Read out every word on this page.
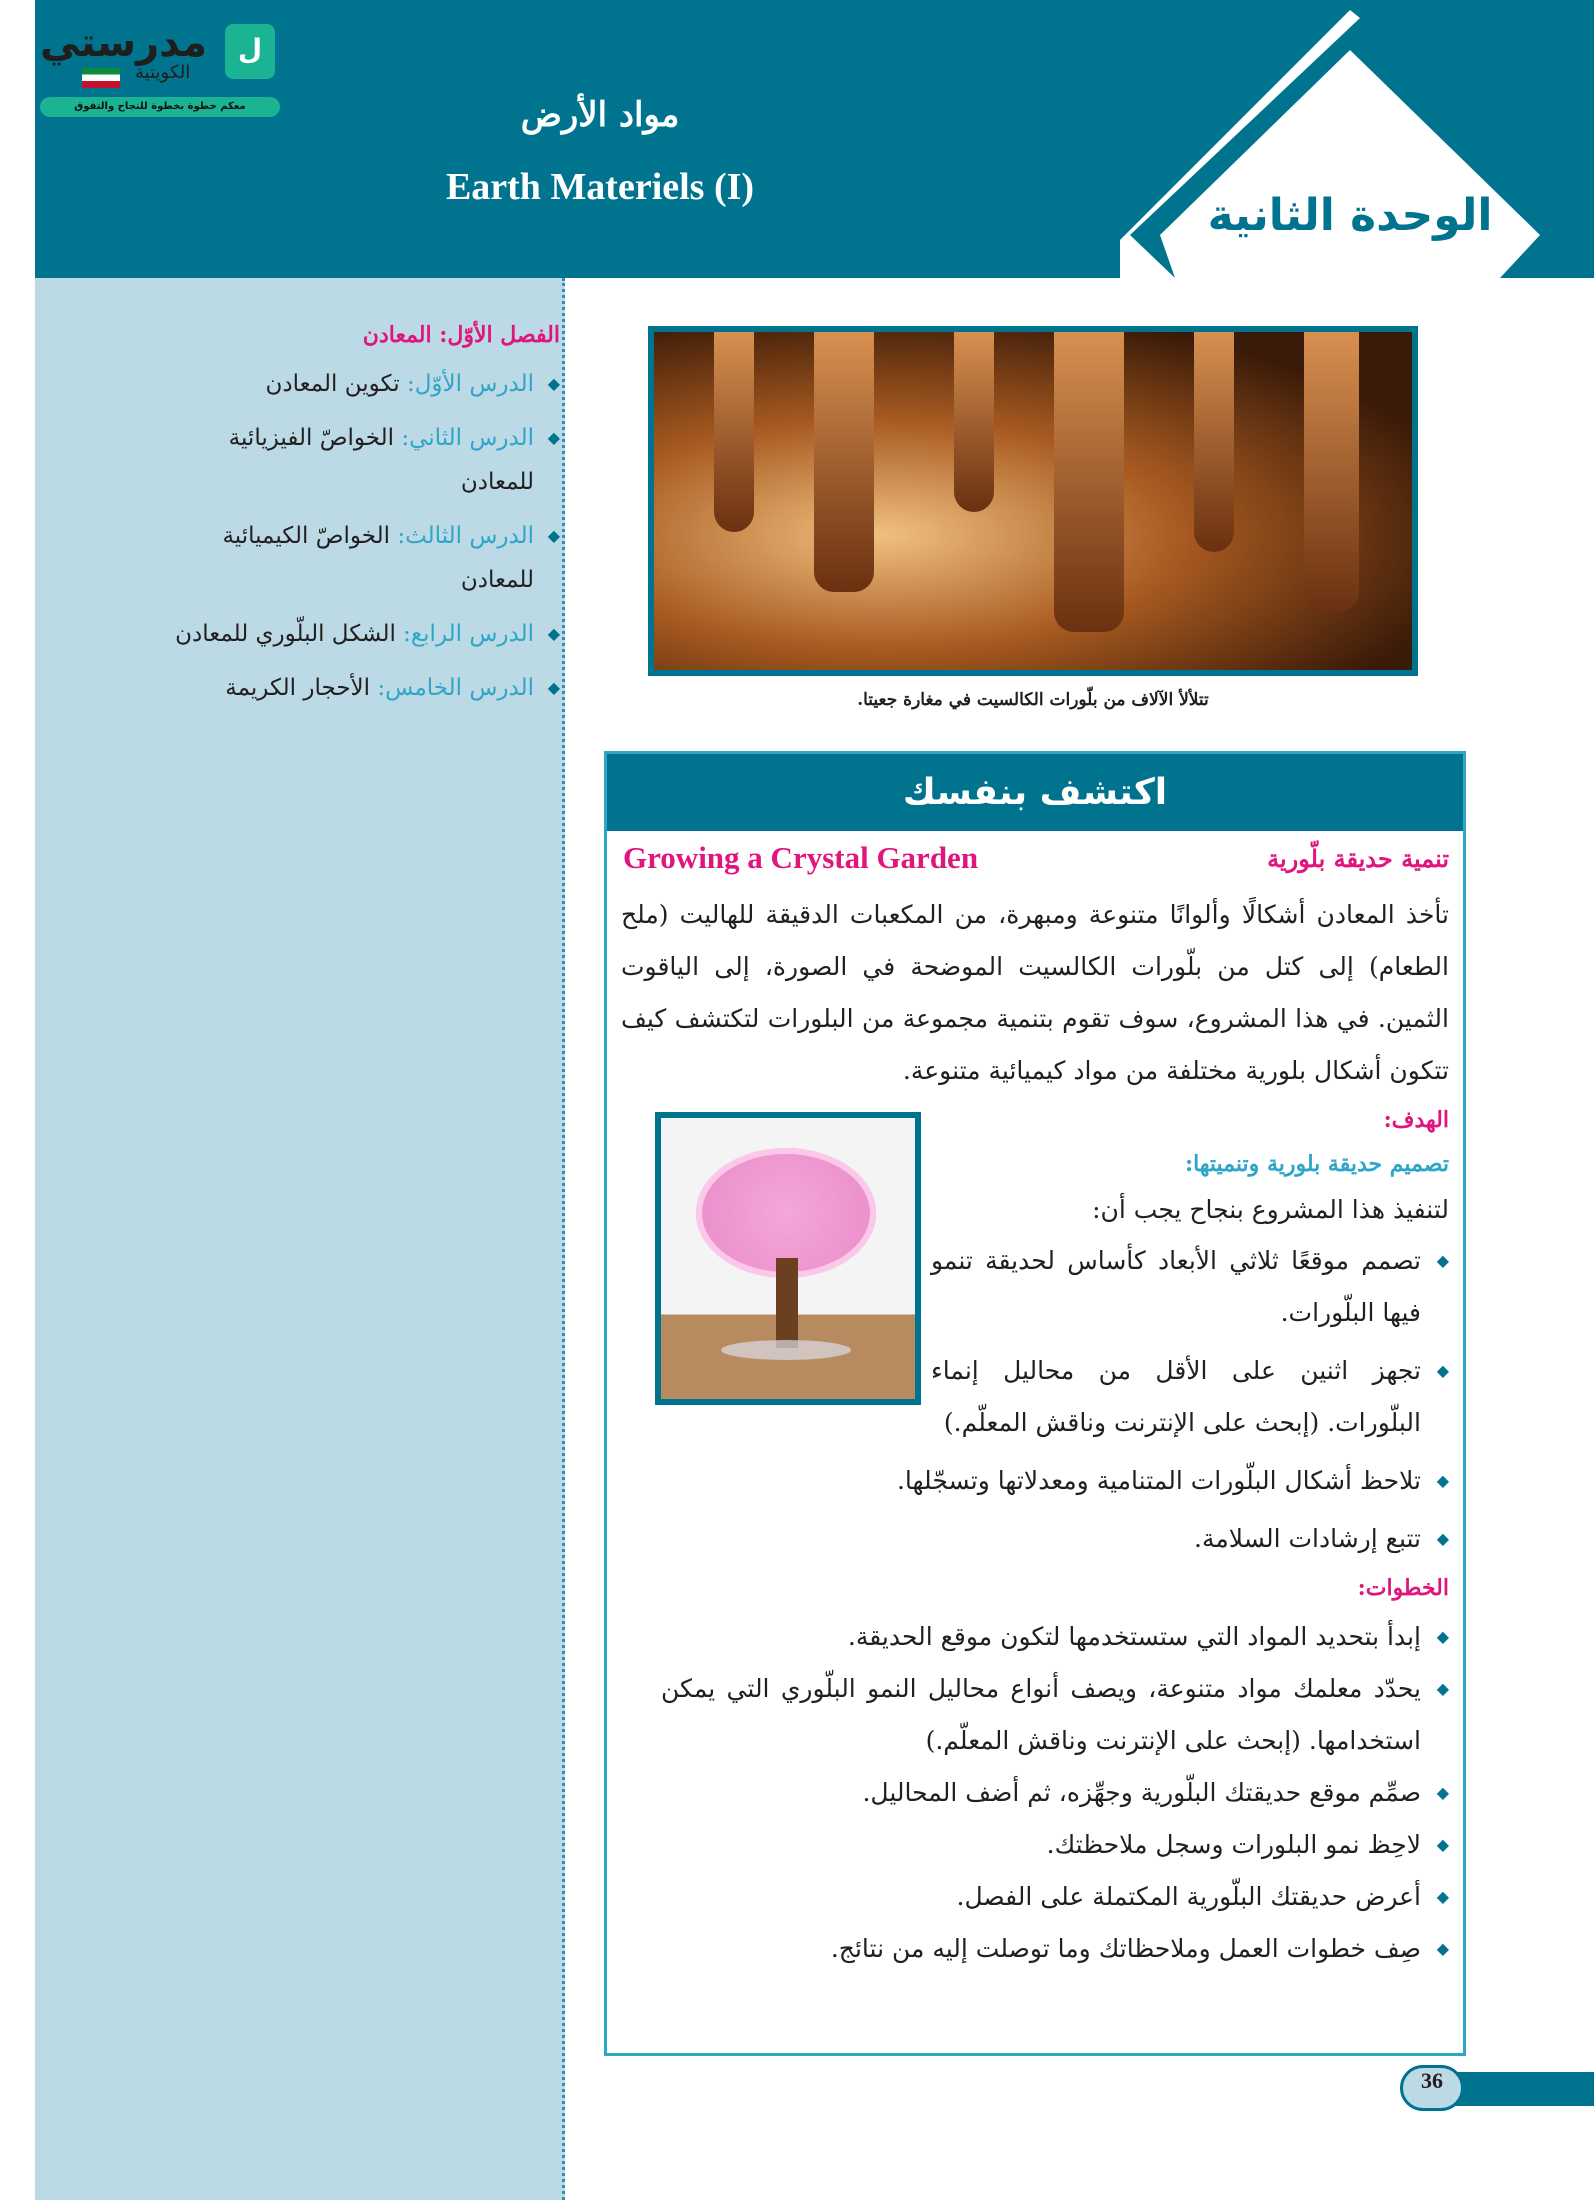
مدرستي
الكويتية
ل
معكم خطوة بخطوة للنجاح والتفوق	مواد الأرض
Earth Materiels (I)
الوحدة الثانية
الفصل الأوّل: المعادن
◆
الدرس الأوّل: تكوين المعادن
◆
الدرس الثاني: الخواصّ الفيزيائية للمعادن
◆
الدرس الثالث: الخواصّ الكيميائية للمعادن
◆
الدرس الرابع: الشكل البلّوري للمعادن
◆
الدرس الخامس: الأحجار الكريمة	تتلألأ الآلاف من بلّورات الكالسيت في مغارة جعيتا.
اكتشف بنفسك
Growing a Crystal Garden	تنمية حديقة بلّورية

تأخذ المعادن أشكالًا وألوانًا متنوعة ومبهرة، من المكعبات الدقيقة للهاليت (ملح الطعام) إلى كتل من بلّورات الكالسيت الموضحة في الصورة، إلى الياقوت الثمين. في هذا المشروع، سوف تقوم بتنمية مجموعة من البلورات لتكتشف كيف تتكون أشكال بلورية مختلفة من مواد كيميائية متنوعة.

الهدف:
تصميم حديقة بلورية وتنميتها:
لتنفيذ هذا المشروع بنجاح يجب أن:
◆
تصمم موقعًا ثلاثي الأبعاد كأساس لحديقة تنمو فيها البلّورات.
◆
تجهز اثنين على الأقل من محاليل إنماء البلّورات. (إبحث على الإنترنت وناقش المعلّم.)
◆
تلاحظ أشكال البلّورات المتنامية ومعدلاتها وتسجّلها.
◆
تتبع إرشادات السلامة.
الخطوات:
◆
إبدأ بتحديد المواد التي ستستخدمها لتكون موقع الحديقة.
◆
يحدّد معلمك مواد متنوعة، ويصف أنواع محاليل النمو البلّوري التي يمكن استخدامها. (إبحث على الإنترنت وناقش المعلّم.)
◆
صمِّم موقع حديقتك البلّورية وجهِّزه، ثم أضف المحاليل.
◆
لاحِظ نمو البلورات وسجل ملاحظتك.
◆
أعرض حديقتك البلّورية المكتملة على الفصل.
◆
صِف خطوات العمل وملاحظاتك وما توصلت إليه من نتائج.
36
